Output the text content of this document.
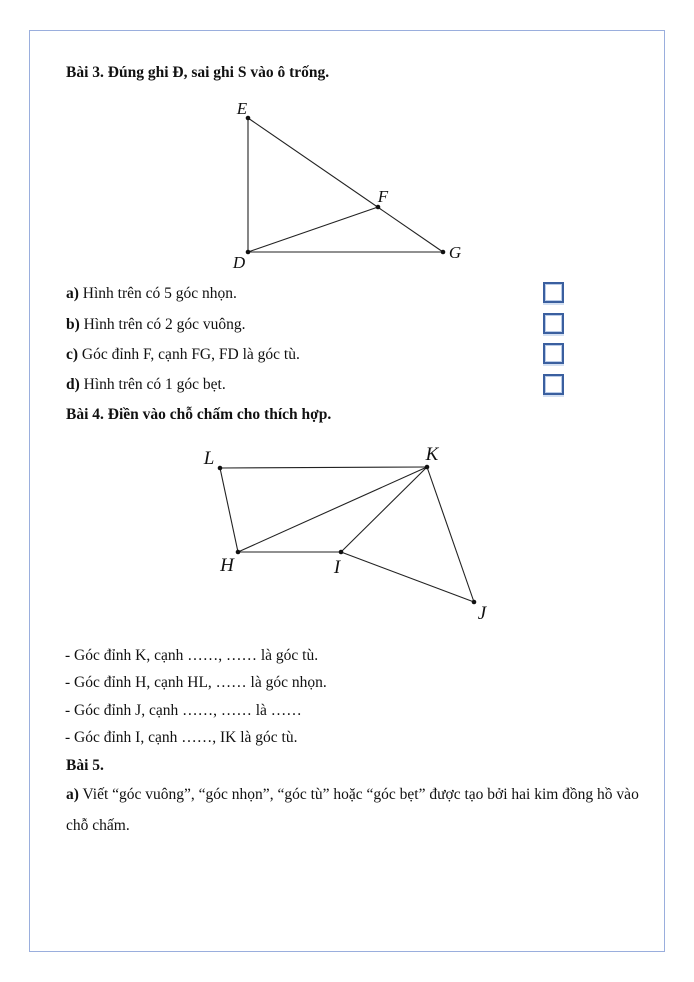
Bài 3. Đúng ghi Đ, sai ghi S vào ô trống.
E
F
D
G
a) Hình trên có 5 góc nhọn.
b) Hình trên có 2 góc vuông.
c) Góc đỉnh F, cạnh FG, FD là góc tù.
d) Hình trên có 1 góc bẹt.
Bài 4. Điền vào chỗ chấm cho thích hợp.
L	K
H	I
J
- Góc đỉnh K, cạnh ……, …… là góc tù.
- Góc đỉnh H, cạnh HL, …… là góc nhọn.
- Góc đỉnh J, cạnh ……, …… là ……
- Góc đỉnh I, cạnh ……, IK là góc tù.
Bài 5.
a) Viết “góc vuông”, “góc nhọn”, “góc tù” hoặc “góc bẹt” được tạo bởi hai kim đồng hồ vào chỗ chấm.
